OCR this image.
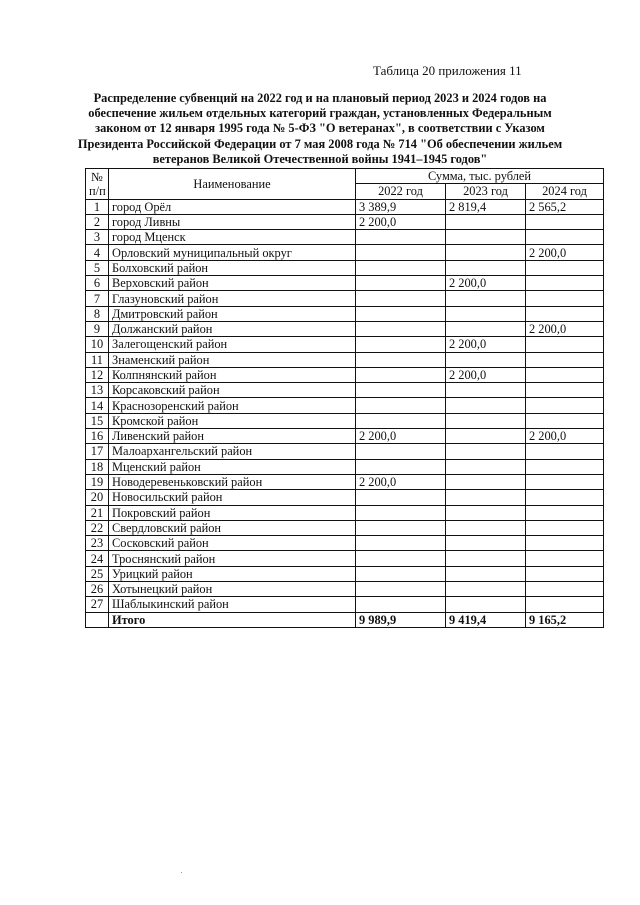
Таблица 20 приложения 11
Распределение субвенций на 2022 год и на плановый период 2023 и 2024 годов на
обеспечение жильем отдельных категорий граждан, установленных Федеральным
законом от 12 января 1995 года № 5-ФЗ "О ветеранах", в соответствии с Указом
Президента Российской Федерации от 7 мая 2008 года № 714 "Об обеспечении жильем
ветеранов Великой Отечественной войны 1941–1945 годов"
№
п/п	Наименование	Сумма, тыс. рублей		
		2022 год	2023 год	2024 год
1	город Орёл	3 389,9	2 819,4	2 565,2
2	город Ливны	2 200,0		
3	город Мценск			
4	Орловский муниципальный округ			2 200,0
5	Болховский район			
6	Верховский район		2 200,0	
7	Глазуновский район			
8	Дмитровский район			
9	Должанский район			2 200,0
10	Залегощенский район		2 200,0	
11	Знаменский район			
12	Колпнянский район		2 200,0	
13	Корсаковский район			
14	Краснозоренский район			
15	Кромской район			
16	Ливенский район	2 200,0		2 200,0
17	Малоархангельский район			
18	Мценский район			
19	Новодеревеньковский район	2 200,0		
20	Новосильский район			
21	Покровский район			
22	Свердловский район			
23	Сосковский район			
24	Троснянский район			
25	Урицкий район			
26	Хотынецкий район			
27	Шаблыкинский район			
	Итого	9 989,9	9 419,4	9 165,2
